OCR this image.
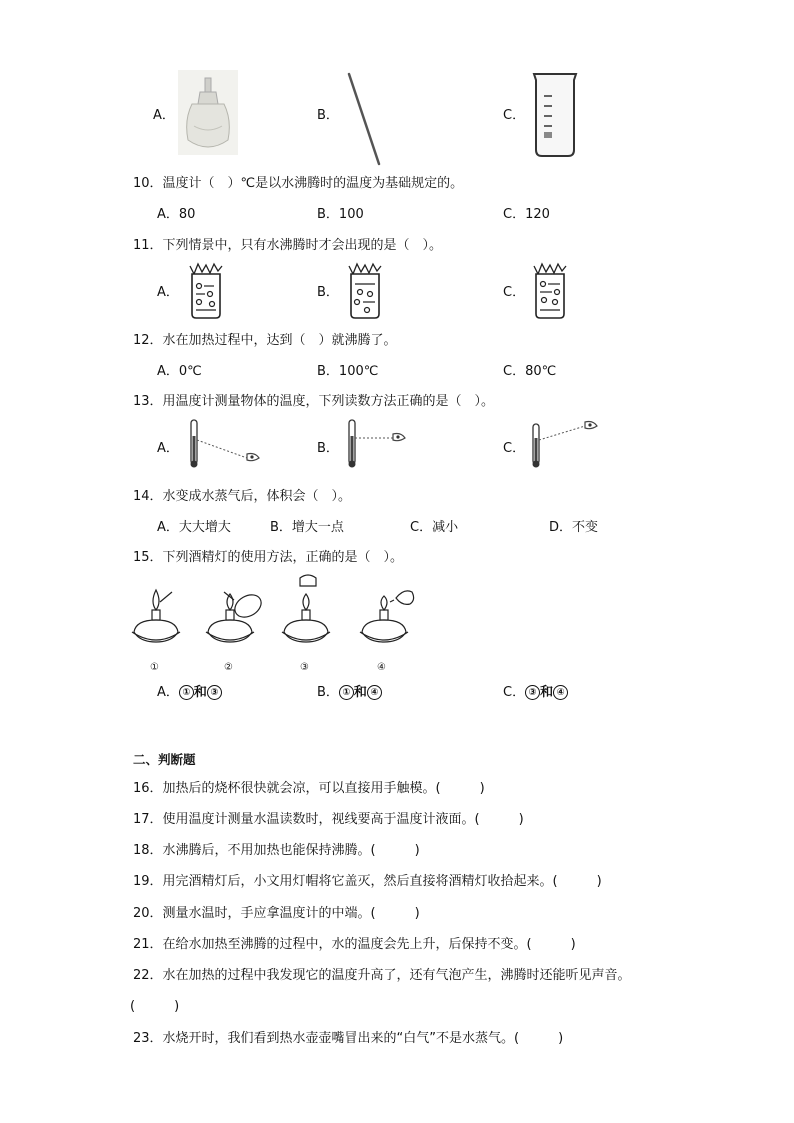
A．	B．	C．
10．温度计（　）℃是以水沸腾时的温度为基础规定的。
A．80	B．100	C．120
11．下列情景中，只有水沸腾时才会出现的是（　）。
A．	B．	C．
12．水在加热过程中，达到（　）就沸腾了。
A．0℃	B．100℃	C．80℃
13．用温度计测量物体的温度，下列读数方法正确的是（　）。
A．	B．	C．
14．水变成水蒸气后，体积会（　）。
A．大大增大	B．增大一点	C．减小	D．不变
15．下列酒精灯的使用方法，正确的是（　）。
①	②	③	④
A． ① 和 ③	B． ① 和 ④	C． ③ 和 ④
二、判断题
16．加热后的烧杯很快就会凉，可以直接用手触模。(　　　)
17．使用温度计测量水温读数时，视线要高于温度计液面。(　　　)
18．水沸腾后，不用加热也能保持沸腾。(　　　)
19．用完酒精灯后，小文用灯帽将它盖灭，然后直接将酒精灯收拾起来。(　　　)
20．测量水温时，手应拿温度计的中端。(　　　)
21．在给水加热至沸腾的过程中，水的温度会先上升，后保持不变。(　　　)
22．水在加热的过程中我发现它的温度升高了，还有气泡产生，沸腾时还能听见声音。
(　　　)
23．水烧开时，我们看到热水壶壶嘴冒出来的“白气”不是水蒸气。(　　　)
